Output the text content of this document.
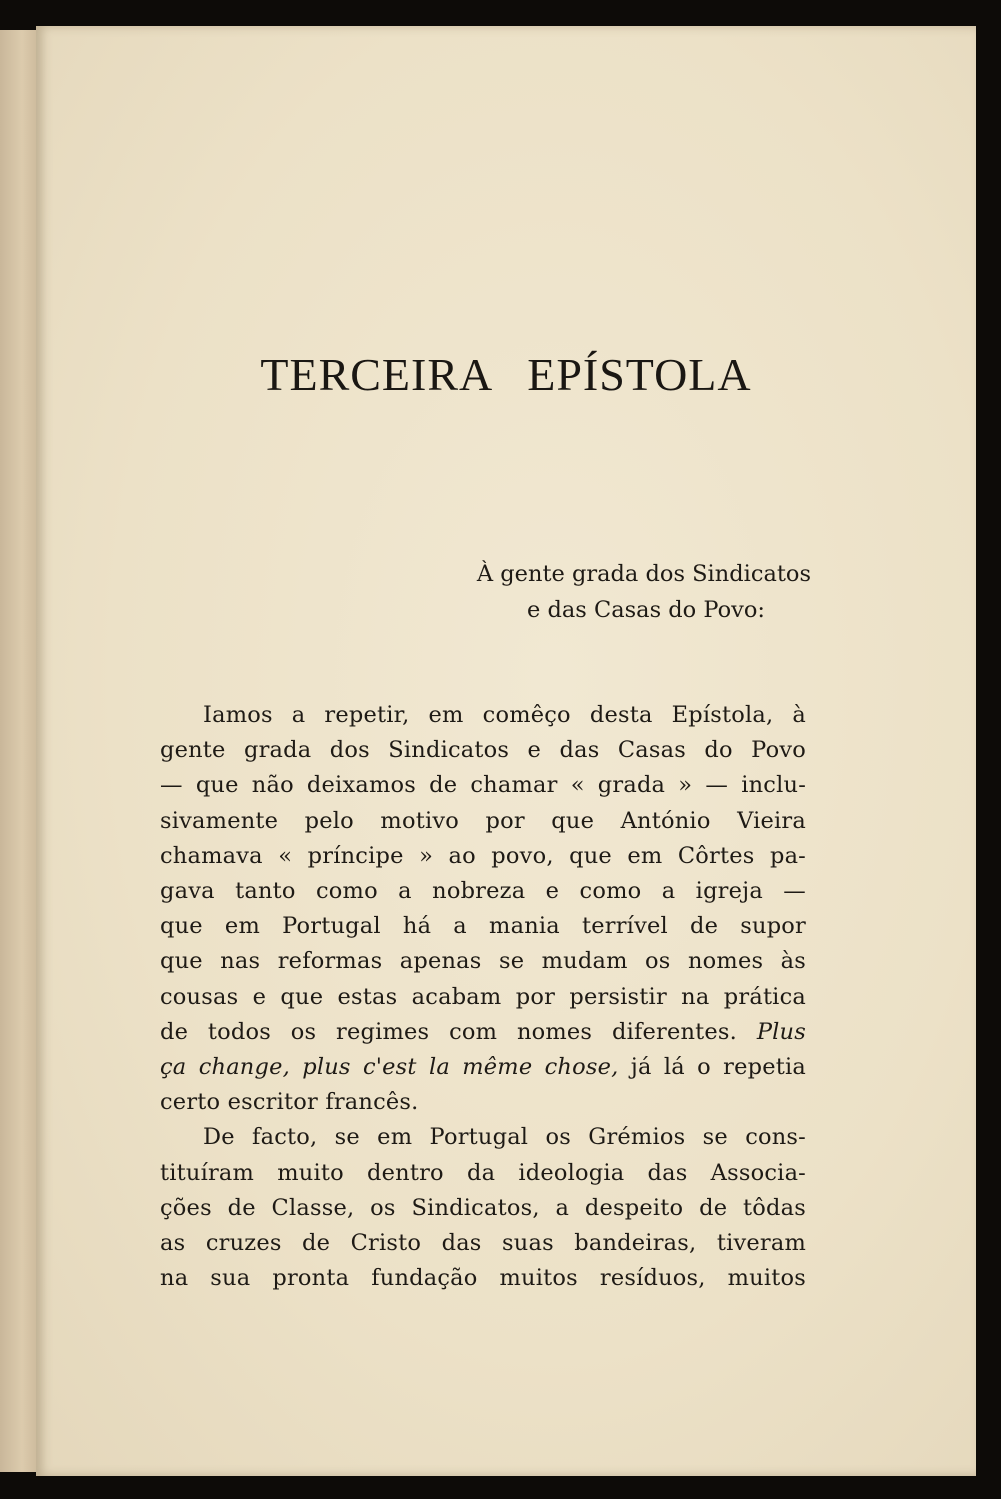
TERCEIRA EPÍSTOLA
À gente grada dos Sindicatos
e das Casas do Povo:
Iamos a repetir, em comêço desta Epístola, à
gente grada dos Sindicatos e das Casas do Povo
— que não deixamos de chamar « grada » — inclu-
sivamente pelo motivo por que António Vieira
chamava « príncipe » ao povo, que em Côrtes pa-
gava tanto como a nobreza e como a igreja —
que em Portugal há a mania terrível de supor
que nas reformas apenas se mudam os nomes às
cousas e que estas acabam por persistir na prática
de todos os regimes com nomes diferentes. Plus
ça change, plus c'est la même chose, já lá o repetia
certo escritor francês.
De facto, se em Portugal os Grémios se cons-
tituíram muito dentro da ideologia das Associa-
ções de Classe, os Sindicatos, a despeito de tôdas
as cruzes de Cristo das suas bandeiras, tiveram
na sua pronta fundação muitos resíduos, muitos
